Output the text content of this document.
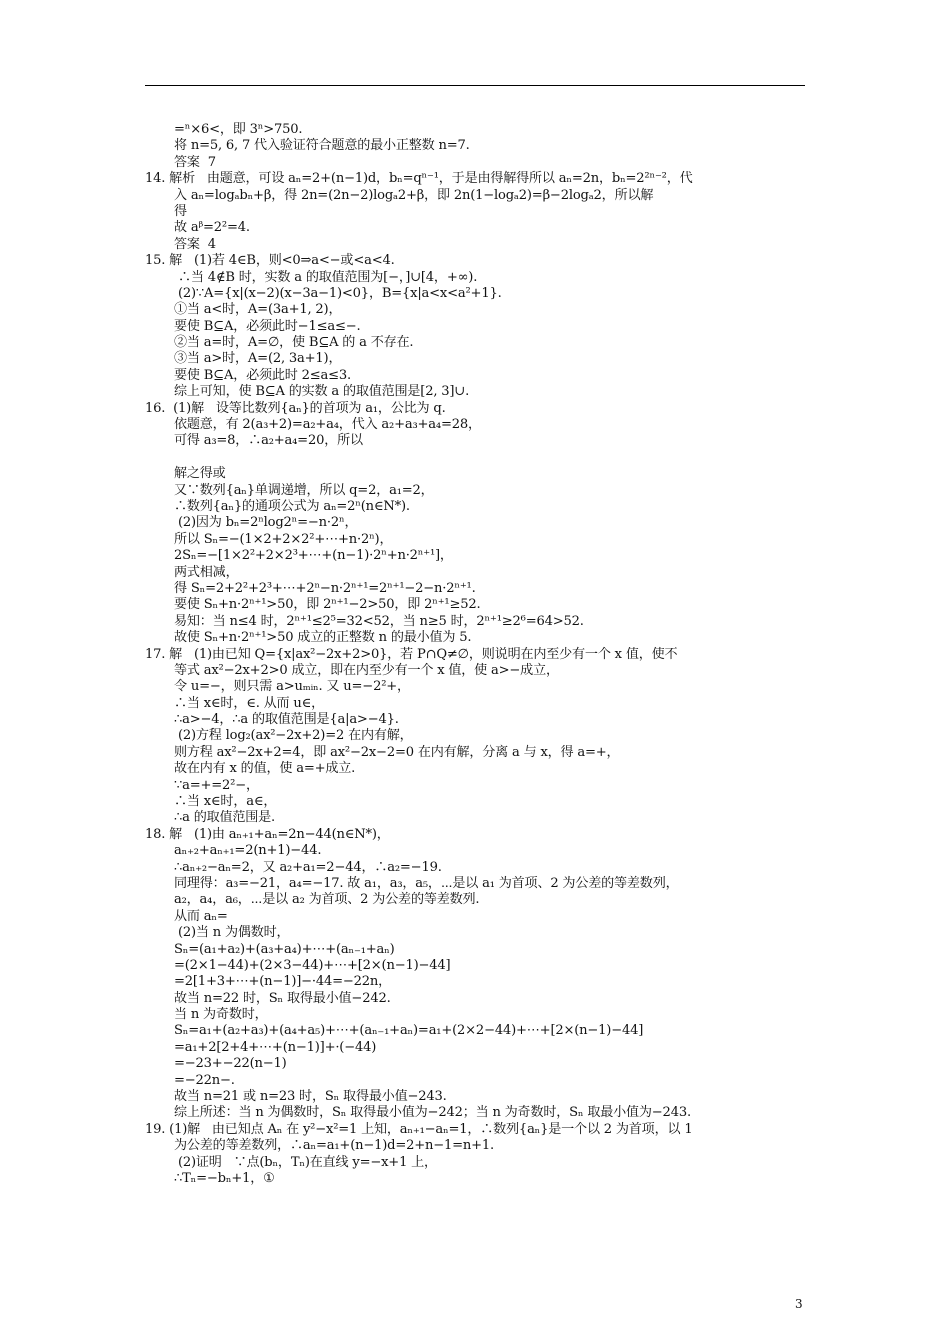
=ⁿ×6<，即 3ⁿ>750.
将 n=5, 6, 7 代入验证符合题意的最小正整数 n=7.
答案  7
14. 解析   由题意，可设 aₙ=2+(n−1)d，bₙ=qⁿ⁻¹，于是由得解得所以 aₙ=2n，bₙ=2²ⁿ⁻²，代
入 aₙ=logₐbₙ+β，得 2n=(2n−2)logₐ2+β，即 2n(1−logₐ2)=β−2logₐ2，所以解
得
故 aᵝ=2²=4.
答案  4
15. 解   (1)若 4∈B，则<0⇒a<−或<a<4.
∴当 4∉B 时，实数 a 的取值范围为[−，]∪[4，+∞).
(2)∵A={x|(x−2)(x−3a−1)<0}，B={x|a<x<a²+1}.
①当 a<时，A=(3a+1, 2)，
要使 B⊆A，必须此时−1≤a≤−.
②当 a=时，A=∅，使 B⊆A 的 a 不存在.
③当 a>时，A=(2, 3a+1)，
要使 B⊆A，必须此时 2≤a≤3.
综上可知，使 B⊆A 的实数 a 的取值范围是[2, 3]∪.
16.  (1)解   设等比数列{aₙ}的首项为 a₁，公比为 q.
依题意，有 2(a₃+2)=a₂+a₄，代入 a₂+a₃+a₄=28，
可得 a₃=8，∴a₂+a₄=20，所以
解之得或
又∵数列{aₙ}单调递增，所以 q=2，a₁=2，
∴数列{aₙ}的通项公式为 aₙ=2ⁿ(n∈N*).
(2)因为 bₙ=2ⁿlog2ⁿ=−n·2ⁿ，
所以 Sₙ=−(1×2+2×2²+⋯+n·2ⁿ)，
2Sₙ=−[1×2²+2×2³+⋯+(n−1)·2ⁿ+n·2ⁿ⁺¹]，
两式相减，
得 Sₙ=2+2²+2³+⋯+2ⁿ−n·2ⁿ⁺¹=2ⁿ⁺¹−2−n·2ⁿ⁺¹.
要使 Sₙ+n·2ⁿ⁺¹>50，即 2ⁿ⁺¹−2>50，即 2ⁿ⁺¹≥52.
易知：当 n≤4 时，2ⁿ⁺¹≤2⁵=32<52，当 n≥5 时，2ⁿ⁺¹≥2⁶=64>52.
故使 Sₙ+n·2ⁿ⁺¹>50 成立的正整数 n 的最小值为 5.
17. 解   (1)由已知 Q={x|ax²−2x+2>0}，若 P∩Q≠∅，则说明在内至少有一个 x 值，使不
等式 ax²−2x+2>0 成立，即在内至少有一个 x 值，使 a>−成立，
令 u=−，则只需 a>uₘᵢₙ. 又 u=−2²+，
∴当 x∈时，∈. 从而 u∈，
∴a>−4，∴a 的取值范围是{a|a>−4}.
(2)方程 log₂(ax²−2x+2)=2 在内有解，
则方程 ax²−2x+2=4，即 ax²−2x−2=0 在内有解，分离 a 与 x，得 a=+，
故在内有 x 的值，使 a=+成立.
∵a=+=2²−，
∴当 x∈时，a∈，
∴a 的取值范围是.
18. 解   (1)由 aₙ₊₁+aₙ=2n−44(n∈N*)，
aₙ₊₂+aₙ₊₁=2(n+1)−44.
∴aₙ₊₂−aₙ=2，又 a₂+a₁=2−44，∴a₂=−19.
同理得：a₃=−21，a₄=−17. 故 a₁，a₃，a₅，⋯是以 a₁ 为首项、2 为公差的等差数列，
a₂，a₄，a₆，⋯是以 a₂ 为首项、2 为公差的等差数列.
从而 aₙ=
(2)当 n 为偶数时，
Sₙ=(a₁+a₂)+(a₃+a₄)+⋯+(aₙ₋₁+aₙ)
=(2×1−44)+(2×3−44)+⋯+[2×(n−1)−44]
=2[1+3+⋯+(n−1)]−·44=−22n，
故当 n=22 时，Sₙ 取得最小值−242.
当 n 为奇数时，
Sₙ=a₁+(a₂+a₃)+(a₄+a₅)+⋯+(aₙ₋₁+aₙ)=a₁+(2×2−44)+⋯+[2×(n−1)−44]
=a₁+2[2+4+⋯+(n−1)]+·(−44)
=−23+−22(n−1)
=−22n−.
故当 n=21 或 n=23 时，Sₙ 取得最小值−243.
综上所述：当 n 为偶数时，Sₙ 取得最小值为−242；当 n 为奇数时，Sₙ 取最小值为−243.
19. (1)解   由已知点 Aₙ 在 y²−x²=1 上知，aₙ₊₁−aₙ=1，∴数列{aₙ}是一个以 2 为首项，以 1
为公差的等差数列，∴aₙ=a₁+(n−1)d=2+n−1=n+1.
(2)证明   ∵点(bₙ，Tₙ)在直线 y=−x+1 上，
∴Tₙ=−bₙ+1，①
3
